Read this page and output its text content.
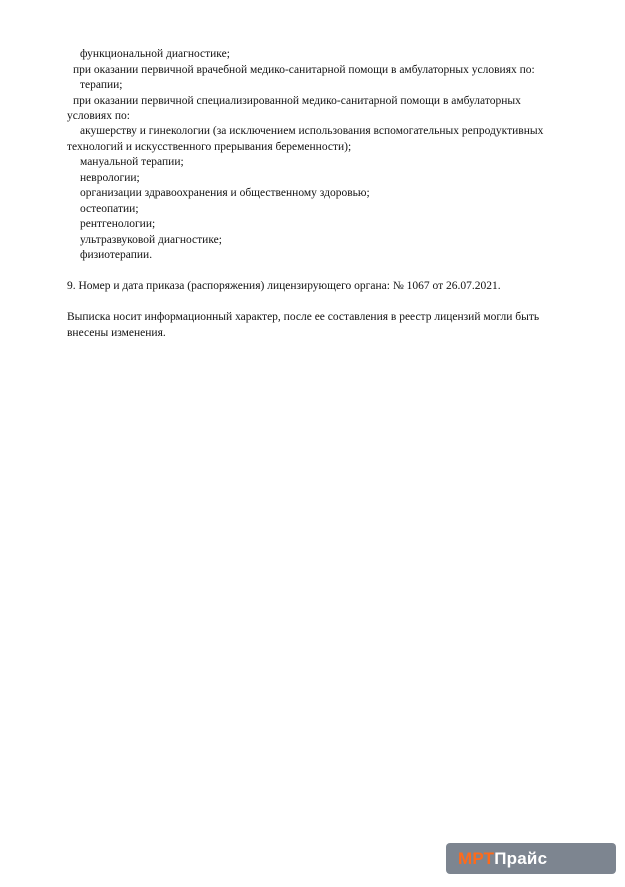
функциональной диагностике;
при оказании первичной врачебной медико-санитарной помощи в амбулаторных условиях по:
терапии;
при оказании первичной специализированной медико-санитарной помощи в амбулаторных
условиях по:
акушерству и гинекологии (за исключением использования вспомогательных репродуктивных
технологий и искусственного прерывания беременности);
мануальной терапии;
неврологии;
организации здравоохранения и общественному здоровью;
остеопатии;
рентгенологии;
ультразвуковой диагностике;
физиотерапии.
9. Номер и дата приказа (распоряжения) лицензирующего органа: № 1067 от 26.07.2021.
Выписка носит информационный характер, после ее составления в реестр лицензий могли быть
внесены изменения.
МРТ Прайс
